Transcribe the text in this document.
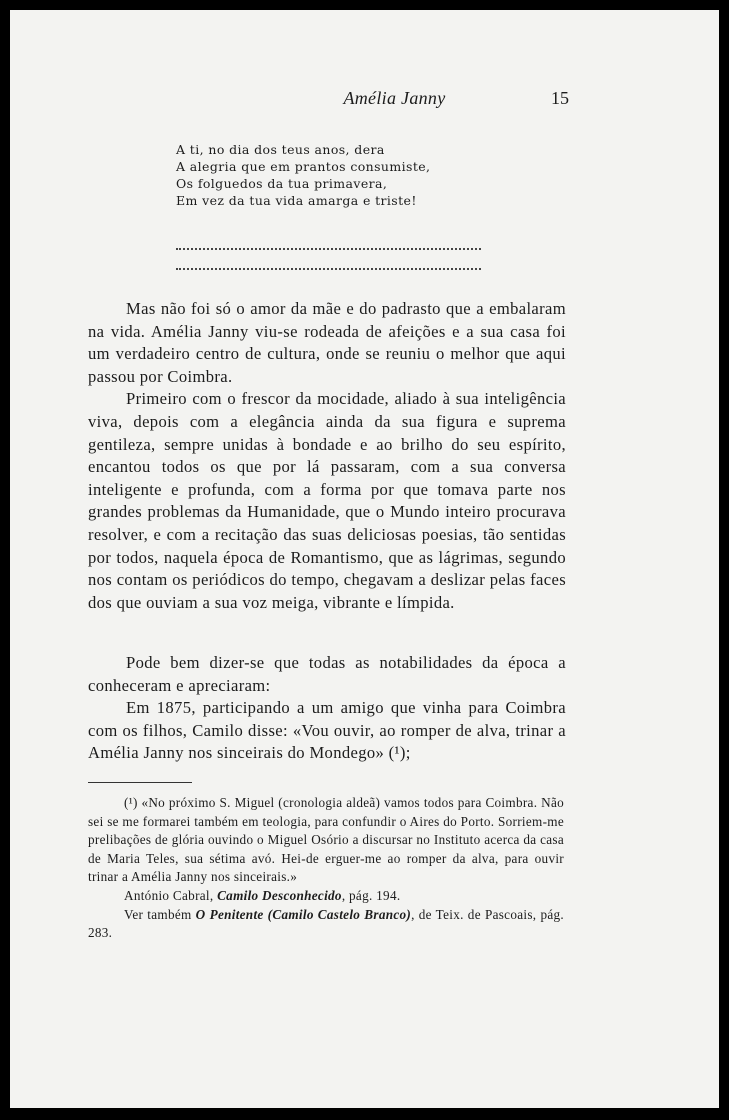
Amélia Janny	15
A ti, no dia dos teus anos, dera
A alegria que em prantos consumiste,
Os folguedos da tua primavera,
Em vez da tua vida amarga e triste!

Mas não foi só o amor da mãe e do padrasto que a embalaram na vida. Amélia Janny viu-se rodeada de afeições e a sua casa foi um verdadeiro centro de cultura, onde se reuniu o melhor que aqui passou por Coimbra.

Primeiro com o frescor da mocidade, aliado à sua inteligência viva, depois com a elegância ainda da sua figura e suprema gentileza, sempre unidas à bondade e ao brilho do seu espírito, encantou todos os que por lá passaram, com a sua conversa inteligente e profunda, com a forma por que tomava parte nos grandes problemas da Humanidade, que o Mundo inteiro procurava resolver, e com a recitação das suas deliciosas poesias, tão sentidas por todos, naquela época de Romantismo, que as lágrimas, segundo nos contam os periódicos do tempo, chegavam a deslizar pelas faces dos que ouviam a sua voz meiga, vibrante e límpida.

Pode bem dizer-se que todas as notabilidades da época a conheceram e apreciaram:

Em 1875, participando a um amigo que vinha para Coimbra com os filhos, Camilo disse: «Vou ouvir, ao romper de alva, trinar a Amélia Janny nos sinceirais do Mondego» (¹);

(¹) «No próximo S. Miguel (cronologia aldeã) vamos todos para Coimbra. Não sei se me formarei também em teologia, para confundir o Aires do Porto. Sorriem-me prelibações de glória ouvindo o Miguel Osório a discursar no Instituto acerca da casa de Maria Teles, sua sétima avó. Hei-de erguer-me ao romper da alva, para ouvir trinar a Amélia Janny nos sinceirais.»

António Cabral, Camilo Desconhecido, pág. 194.

Ver também O Penitente (Camilo Castelo Branco), de Teix. de Pascoais, pág. 283.
